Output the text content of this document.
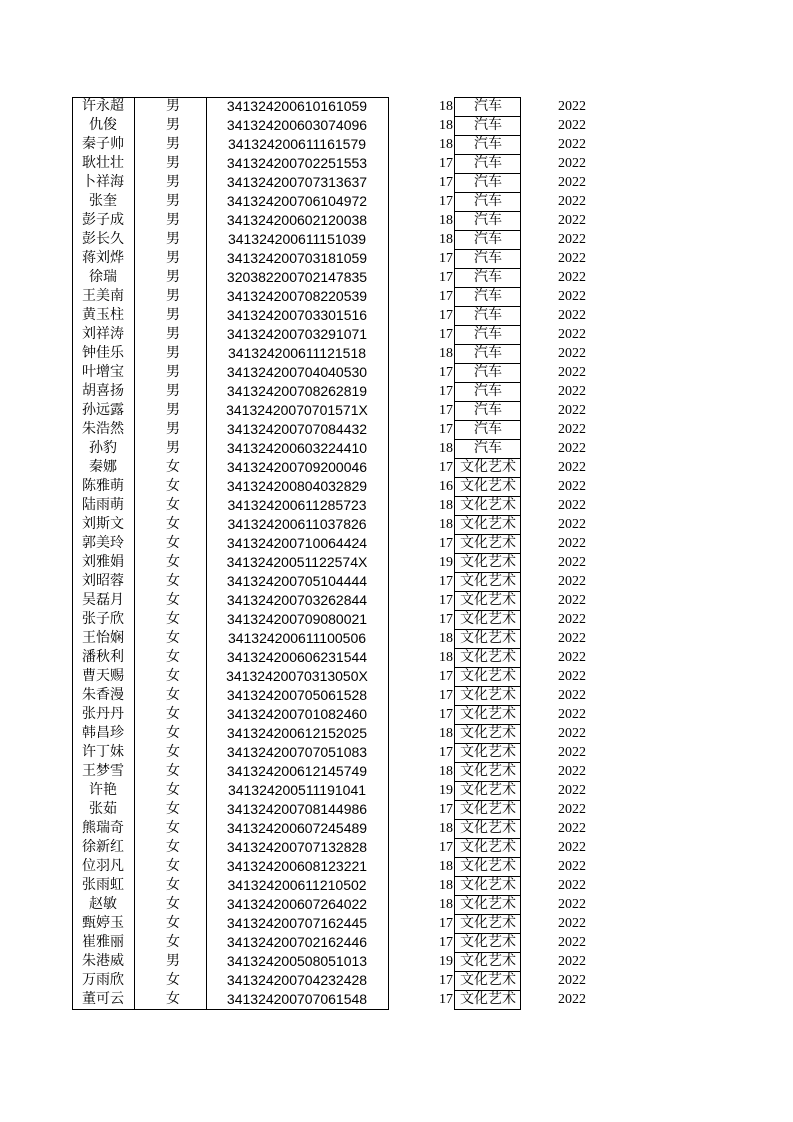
许永超	男	341324200610161059	18	汽车	2022
仇俊	男	341324200603074096	18	汽车	2022
秦子帅	男	341324200611161579	18	汽车	2022
耿壮壮	男	341324200702251553	17	汽车	2022
卜祥海	男	341324200707313637	17	汽车	2022
张奎	男	341324200706104972	17	汽车	2022
彭子成	男	341324200602120038	18	汽车	2022
彭长久	男	341324200611151039	18	汽车	2022
蒋刘烨	男	341324200703181059	17	汽车	2022
徐瑞	男	320382200702147835	17	汽车	2022
王美南	男	341324200708220539	17	汽车	2022
黄玉柱	男	341324200703301516	17	汽车	2022
刘祥涛	男	341324200703291071	17	汽车	2022
钟佳乐	男	341324200611121518	18	汽车	2022
叶增宝	男	341324200704040530	17	汽车	2022
胡喜扬	男	341324200708262819	17	汽车	2022
孙远露	男	34132420070701571X	17	汽车	2022
朱浩然	男	341324200707084432	17	汽车	2022
孙豹	男	341324200603224410	18	汽车	2022
秦娜	女	341324200709200046	17 文化艺术	2022
陈雅萌	女	341324200804032829	16 文化艺术	2022
陆雨萌	女	341324200611285723	18 文化艺术	2022
刘斯文	女	341324200611037826	18 文化艺术	2022
郭美玲	女	341324200710064424	17 文化艺术	2022
刘雅娟	女	34132420051122574X	19 文化艺术	2022
刘昭蓉	女	341324200705104444	17 文化艺术	2022
吴磊月	女	341324200703262844	17 文化艺术	2022
张子欣	女	341324200709080021	17 文化艺术	2022
王怡娴	女	341324200611100506	18 文化艺术	2022
潘秋利	女	341324200606231544	18 文化艺术	2022
曹天赐	女	34132420070313050X	17 文化艺术	2022
朱香漫	女	341324200705061528	17 文化艺术	2022
张丹丹	女	341324200701082460	17 文化艺术	2022
韩昌珍	女	341324200612152025	18 文化艺术	2022
许丁妹	女	341324200707051083	17 文化艺术	2022
王梦雪	女	341324200612145749	18 文化艺术	2022
许艳	女	341324200511191041	19 文化艺术	2022
张茹	女	341324200708144986	17 文化艺术	2022
熊瑞奇	女	341324200607245489	18 文化艺术	2022
徐新红	女	341324200707132828	17 文化艺术	2022
位羽凡	女	341324200608123221	18 文化艺术	2022
张雨虹	女	341324200611210502	18 文化艺术	2022
赵敏	女	341324200607264022	18 文化艺术	2022
甄婷玉	女	341324200707162445	17 文化艺术	2022
崔雅丽	女	341324200702162446	17 文化艺术	2022
朱港威	男	341324200508051013	19 文化艺术	2022
万雨欣	女	341324200704232428	17 文化艺术	2022
董可云	女	341324200707061548	17 文化艺术	2022
